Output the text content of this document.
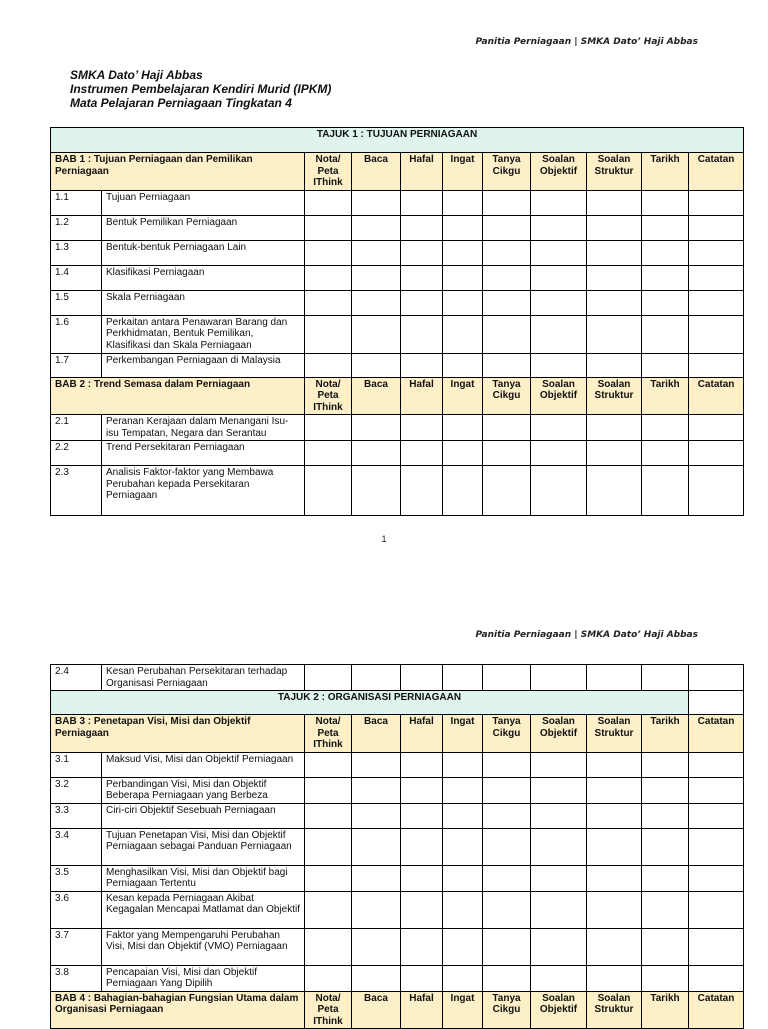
Panitia Perniagaan | SMKA Dato’ Haji Abbas
SMKA Dato’ Haji Abbas
Instrumen Pembelajaran Kendiri Murid (IPKM)
Mata Pelajaran Perniagaan Tingkatan 4
TAJUK 1 : TUJUAN PERNIAGAAN										
BAB 1 : Tujuan Perniagaan dan Pemilikan Perniagaan		Nota/ Peta IThink	Baca	Hafal	Ingat	Tanya Cikgu	Soalan Objektif	Soalan Struktur	Tarikh	Catatan
1.1	Tujuan Perniagaan									
1.2	Bentuk Pemilikan Perniagaan									
1.3	Bentuk-bentuk Perniagaan Lain									
1.4	Klasifikasi Perniagaan									
1.5	Skala Perniagaan									
1.6	Perkaitan antara Penawaran Barang dan Perkhidmatan, Bentuk Pemilikan, Klasifikasi dan Skala Perniagaan									
1.7	Perkembangan Perniagaan di Malaysia									
BAB 2 : Trend Semasa dalam Perniagaan		Nota/ Peta IThink	Baca	Hafal	Ingat	Tanya Cikgu	Soalan Objektif	Soalan Struktur	Tarikh	Catatan
2.1	Peranan Kerajaan dalam Menangani Isu-isu Tempatan, Negara dan Serantau									
2.2	Trend Persekitaran Perniagaan									
2.3	Analisis Faktor-faktor yang Membawa Perubahan kepada Persekitaran Perniagaan									
1
Panitia Perniagaan | SMKA Dato’ Haji Abbas
2.4	Kesan Perubahan Persekitaran terhadap Organisasi Perniagaan									
TAJUK 2 : ORGANISASI PERNIAGAAN										
BAB 3 : Penetapan Visi, Misi dan Objektif Perniagaan		Nota/ Peta IThink	Baca	Hafal	Ingat	Tanya Cikgu	Soalan Objektif	Soalan Struktur	Tarikh	Catatan
3.1	Maksud Visi, Misi dan Objektif Perniagaan									
3.2	Perbandingan Visi, Misi dan Objektif Beberapa Perniagaan yang Berbeza									
3.3	Ciri-ciri Objektif Sesebuah Perniagaan									
3.4	Tujuan Penetapan Visi, Misi dan Objektif Perniagaan sebagai Panduan Perniagaan									
3.5	Menghasilkan Visi, Misi dan Objektif bagi Perniagaan Tertentu									
3.6	Kesan kepada Perniagaan Akibat Kegagalan Mencapai Matlamat dan Objektif									
3.7	Faktor yang Mempengaruhi Perubahan Visi, Misi dan Objektif (VMO) Perniagaan									
3.8	Pencapaian Visi, Misi dan Objektif Perniagaan Yang Dipilih									
BAB 4 : Bahagian-bahagian Fungsian Utama dalam Organisasi Perniagaan		Nota/ Peta IThink	Baca	Hafal	Ingat	Tanya Cikgu	Soalan Objektif	Soalan Struktur	Tarikh	Catatan
